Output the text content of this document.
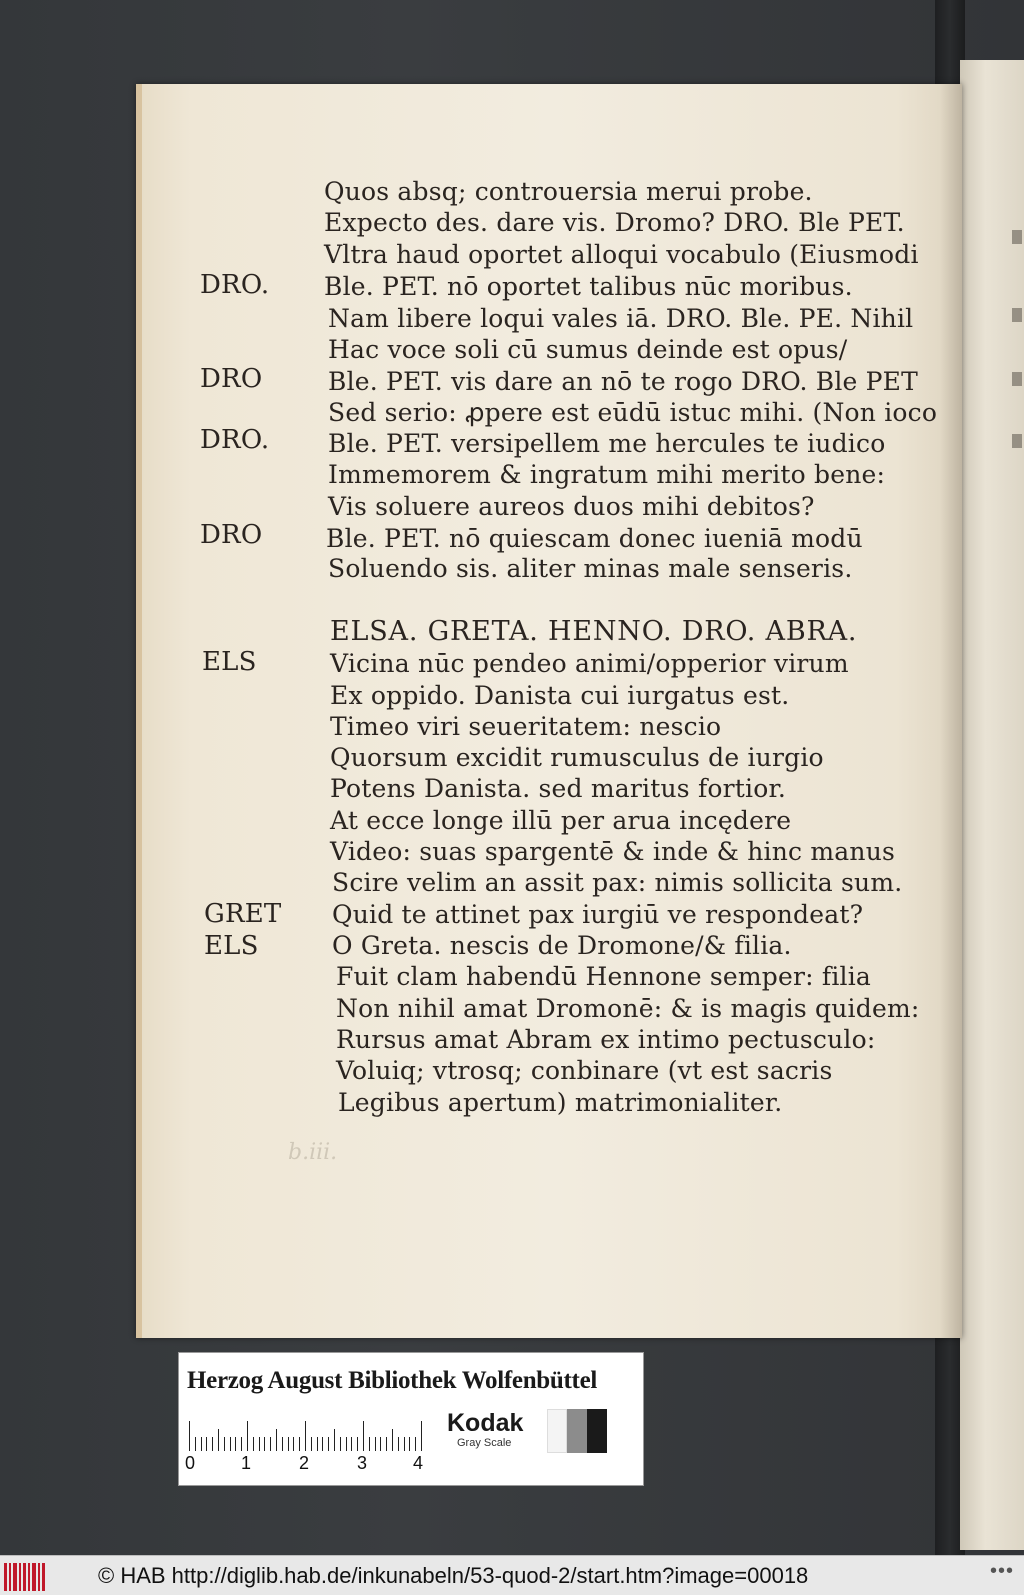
DRO.
DRO
DRO.
DRO
ELS
GRET
ELS
Quos absq; controuersia merui probe.
Expecto des. dare vis. Dromo? DRO. Ble PET.
Vltra haud oportet alloqui vocabulo (Eiusmodi
Ble. PET. nō oportet talibus nūc moribus.
Nam libere loqui vales iā. DRO. Ble. PE. Nihil
Hac voce soli cū sumus deinde est opus/
Ble. PET. vis dare an nō te rogo DRO. Ble PET
Sed serio: ꝓpere est eūdū istuc mihi. (Non ioco
Ble. PET. versipellem me hercules te iudico
Immemorem & ingratum mihi merito bene:
Vis soluere aureos duos mihi debitos?
Ble. PET. nō quiescam donec iueniā modū
Soluendo sis. aliter minas male senseris.
ELSA. GRETA. HENNO. DRO. ABRA.
Vicina nūc pendeo animi/opperior virum
Ex oppido. Danista cui iurgatus est.
Timeo viri seueritatem: nescio
Quorsum excidit rumusculus de iurgio
Potens Danista. sed maritus fortior.
At ecce longe illū per arua incędere
Video: suas spargentē & inde & hinc manus
Scire velim an assit pax: nimis sollicita sum.
Quid te attinet pax iurgiū ve respondeat?
O Greta. nescis de Dromone/& filia.
Fuit clam habendū Hennone semper: filia
Non nihil amat Dromonē: & is magis quidem:
Rursus amat Abram ex intimo pectusculo:
Voluiq; vtrosq; conbinare (vt est sacris
Legibus apertum) matrimonialiter.
b.iii.
Herzog August Bibliothek Wolfenbüttel
0	1	2	3	4
Kodak
Gray Scale
© HAB http://diglib.hab.de/inkunabeln/53-quod-2/start.htm?image=00018	•••
